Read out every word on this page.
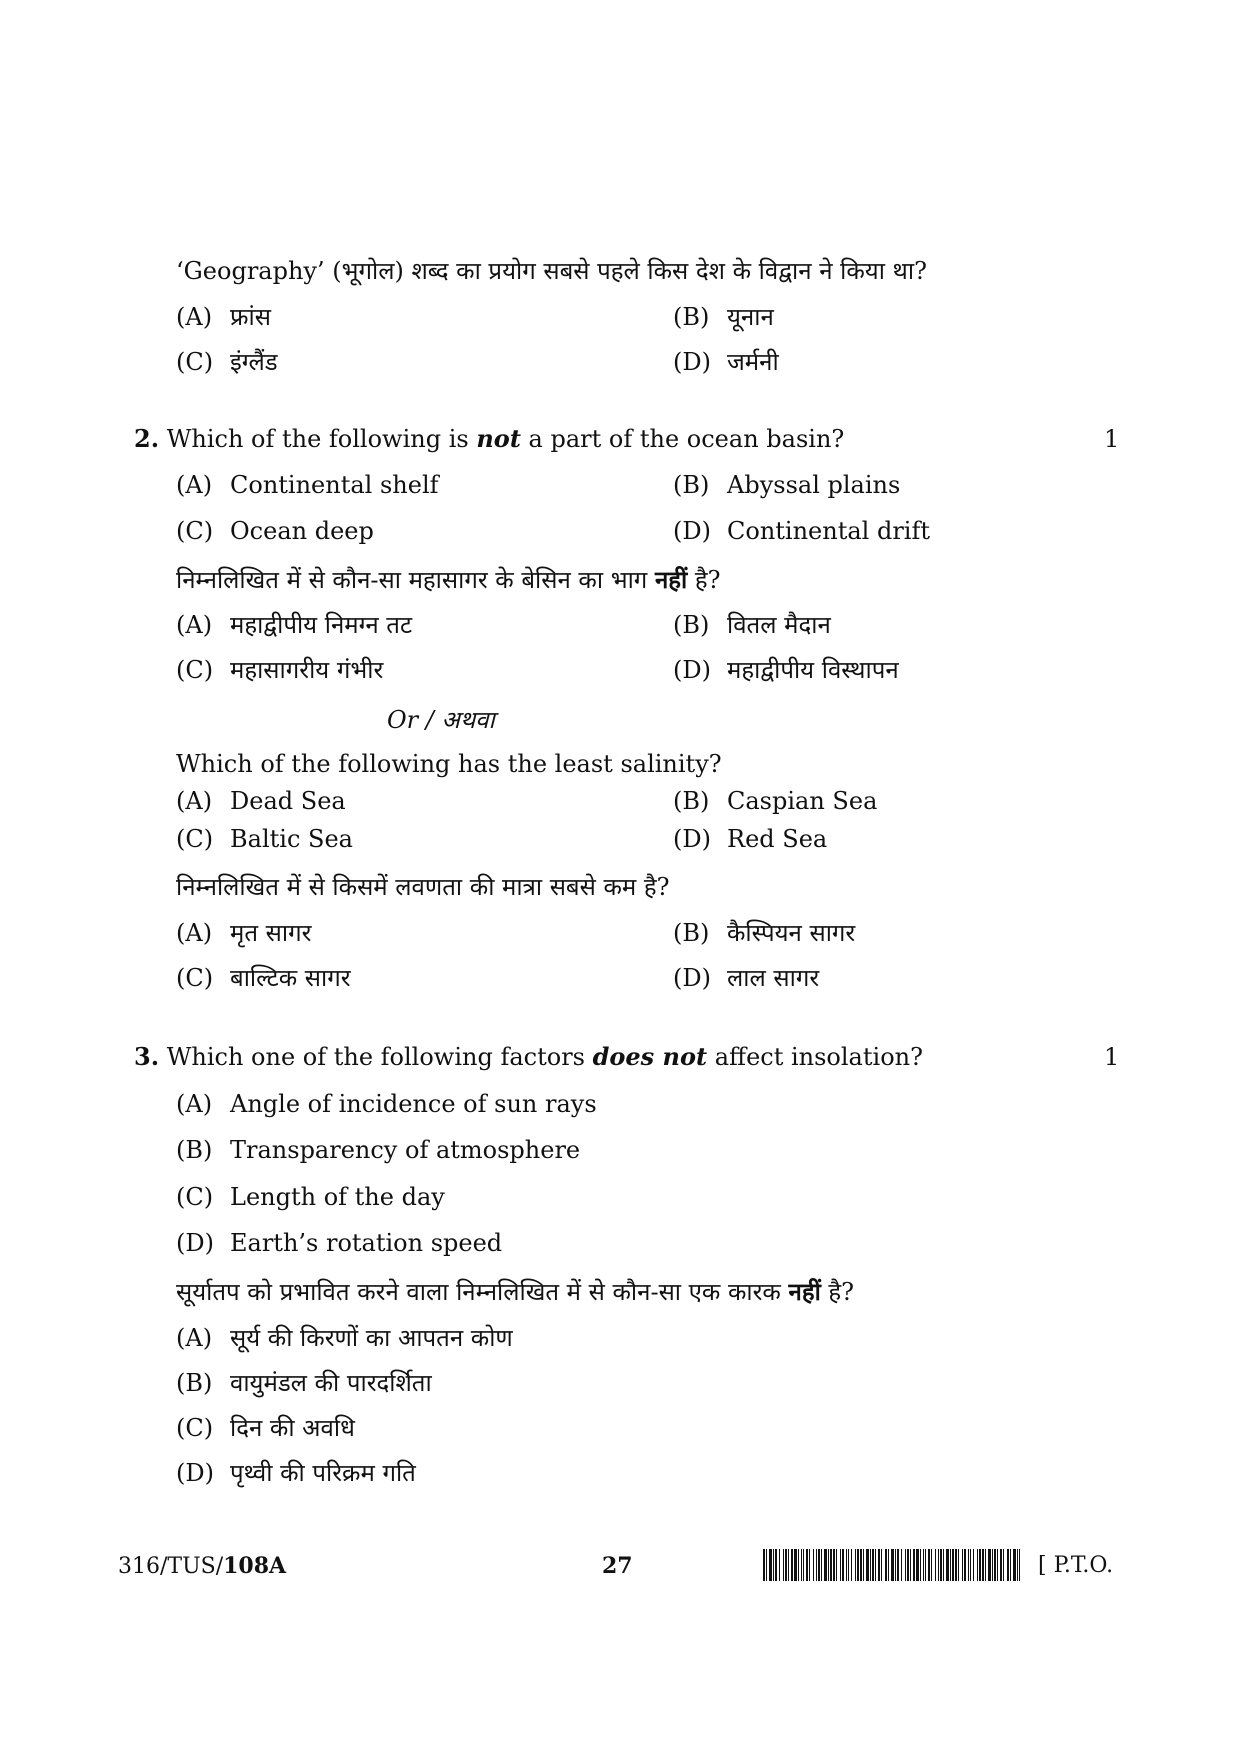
‘Geography’ (भूगोल) शब्द का प्रयोग सबसे पहले किस देश के विद्वान ने किया था?
(A) फ्रांस	(B) यूनान
(C) इंग्लैंड	(D) जर्मनी
2. Which of the following is not a part of the ocean basin?	1
(A) Continental shelf	(B) Abyssal plains
(C) Ocean deep	(D) Continental drift
निम्नलिखित में से कौन-सा महासागर के बेसिन का भाग नहीं है?
(A) महाद्वीपीय निमग्न तट	(B) वितल मैदान
(C) महासागरीय गंभीर	(D) महाद्वीपीय विस्थापन
Or / अथवा
Which of the following has the least salinity?
(A) Dead Sea	(B) Caspian Sea
(C) Baltic Sea	(D) Red Sea
निम्नलिखित में से किसमें लवणता की मात्रा सबसे कम है?
(A) मृत सागर	(B) कैस्पियन सागर
(C) बाल्टिक सागर	(D) लाल सागर
3. Which one of the following factors does not affect insolation?	1
(A) Angle of incidence of sun rays
(B) Transparency of atmosphere
(C) Length of the day
(D) Earth’s rotation speed
सूर्यातप को प्रभावित करने वाला निम्नलिखित में से कौन-सा एक कारक नहीं है?
(A) सूर्य की किरणों का आपतन कोण
(B) वायुमंडल की पारदर्शिता
(C) दिन की अवधि
(D) पृथ्वी की परिक्रम गति
316/TUS/108A	27	[ P.T.O.
